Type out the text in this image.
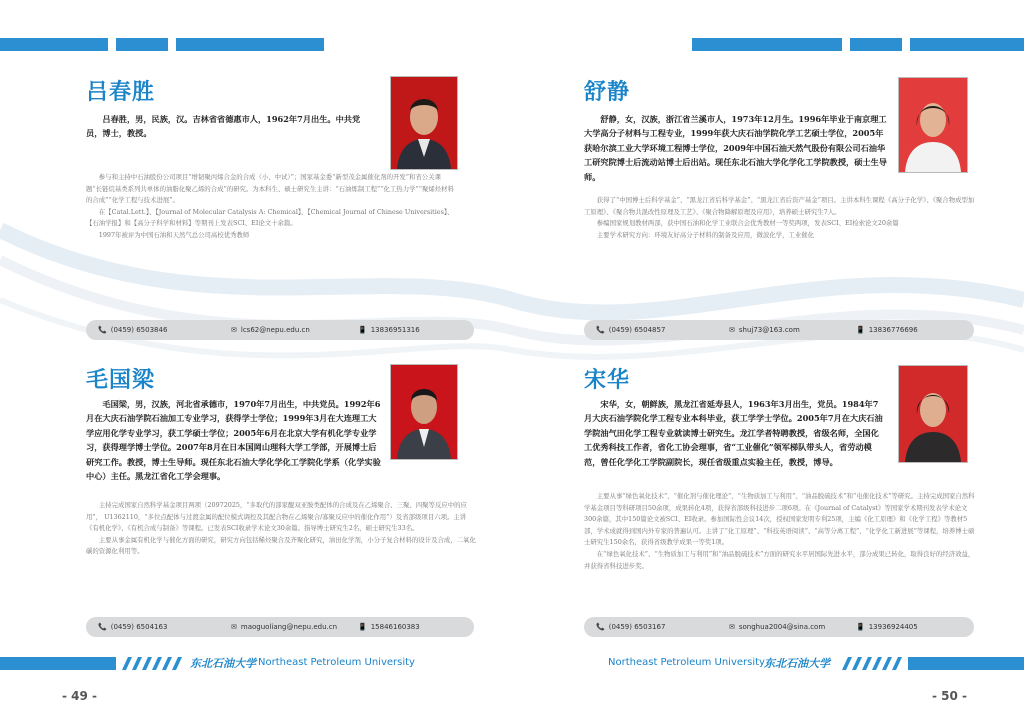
吕春胜

吕春胜，男，民族，汉。吉林省省德惠市人，1962年7月出生。中共党员，博士，教授。

参与和主持中石油股份公司项目“增韧聚丙烯合金的合成（小、中试）”；国家基金委“新型茂金属催化剂的开发”和省公关课题“长链烷基类系列共单体的油脂化聚乙烯的合成”的研究。为本科生、硕士研究生主讲：“石油炼制工程”“化工热力学”“聚烯烃材料的合成”“化学工程与技术进展”。

在【Catal.Lett.】、【Journal of Molecular Catalysis A: Chemical】、【Chemical Journal of Chinese Universities】、【石油学报】和【高分子科学和材料】等期刊上发表SCI、EI论文十余篇。

1997年被评为中国石油和天然气总公司高校优秀教师

📞 (0459) 6503846	✉ lcs62@nepu.edu.cn	📱 13836951316
舒静

舒静，女，汉族，浙江省兰溪市人，1973年12月生。1996年毕业于南京理工大学高分子材料与工程专业，1999年获大庆石油学院化学工艺硕士学位，2005年获哈尔滨工业大学环境工程博士学位，2009年中国石油天然气股份有限公司石油华工研究院博士后流动站博士后出站。现任东北石油大学化学化工学院教授，硕士生导师。

获得了“中国博士后科学基金”、“黑龙江省后科学基金”、“黑龙江省后资产基金”项目。主讲本科生课程《高分子化学》、《聚合物成型加工原理》、《聚合物共混改性原理及工艺》、《聚合物降解原理及应用》，培养硕士研究生7人。

参编国家规划教材两部，获中国石油和化学工业联合会优秀教材一等奖两项，发表SCI、EI检索论文20余篇

主要学术研究方向：环境友好高分子材料的制备及应用，微波化学，工业催化

📞 (0459) 6504857	✉ shuj73@163.com	📱 13836776696
毛国梁

毛国梁，男，汉族，河北省承德市，1970年7月出生，中共党员。1992年6月在大庆石油学院石油加工专业学习，获得学士学位；1999年3月在大连理工大学应用化学专业学习，获工学硕士学位；2005年6月在北京大学有机化学专业学习，获得理学博士学位。2007年8月在日本国岡山理科大学工学部，开展博士后研究工作。教授，博士生导师。现任东北石油大学化学化工学院化学系（化学实验中心）主任。黑龙江省化工学会理事。

主持完成国家自然科学基金项目两项（20972025，“多取代的部家醌双亚胺类配体的合成及在乙烯聚合、三聚、四聚等反应中的应用”， U1362110，“多位点配体与过渡金属的配位模式调控及其配合物在乙烯聚合/寡聚反应中的催化作用”）及省部级项目六项。主讲《有机化学》、《有机合成与制备》等课程。已发表SCI收录学术论文30余篇。指导博士研究生2名，硕士研究生33名。

主要从事金属有机化学与催化方面的研究，研究方向包括稀烃聚合及齐聚化研究，油田化学剂，小分子复合材料的设计及合成，二氧化碳的资源化利用等。

📞 (0459) 6504163	✉ maoguoliang@nepu.edu.cn	📱 15846160383
宋华

宋华，女，朝鲜族，黑龙江省延寿县人，1963年3月出生，党员。1984年7月大庆石油学院化学工程专业本科毕业，获工学学士学位。2005年7月在大庆石油学院油气田化学工程专业就读博士研究生。龙江学者特聘教授，省级名师，全国化工优秀科技工作者，省化工协会理事，省“工业催化”领军梯队带头人，省劳动模范，曾任化学化工学院副院长，现任省级重点实验主任，教授，博导。

主要从事“绿色氧化技术”、“催化剂与催化理论”、“生物质加工与利用”、“油品脱硫技术”和“电催化技术”等研究。主持完成国家自然科学基金项目等科研项目50余项，成果转化4项，获得省部级科技进步二项6项。在《Journal of Catalyst》等国家学术期刊发表学术论文300余篇，其中150篇论文被SCI、EI收录。参加国际性会议14次，授权国家发明专利25项，主编《化工原理》和《化学工程》等教材5部，学术成就得到国内外专家的普遍认可。主讲了“化工原理”、“科技英语阅读”、“高等分离工程”、“化学化工新进展”等课程，培养博士硕士研究生150余名，获得省级教学成果一等奖1项。

在“绿色氧化技术”、“生物质加工与利用”和“油品脱硫技术”方面的研究水平居国际先进水平，部分成果已转化，取得良好的经济效益，并获得省科技进步奖。

📞 (0459) 6503167	✉ songhua2004@sina.com	📱 13936924405
东北石油大学 Northeast Petroleum University	Northeast Petroleum University 东北石油大学
- 49 -	- 50 -
